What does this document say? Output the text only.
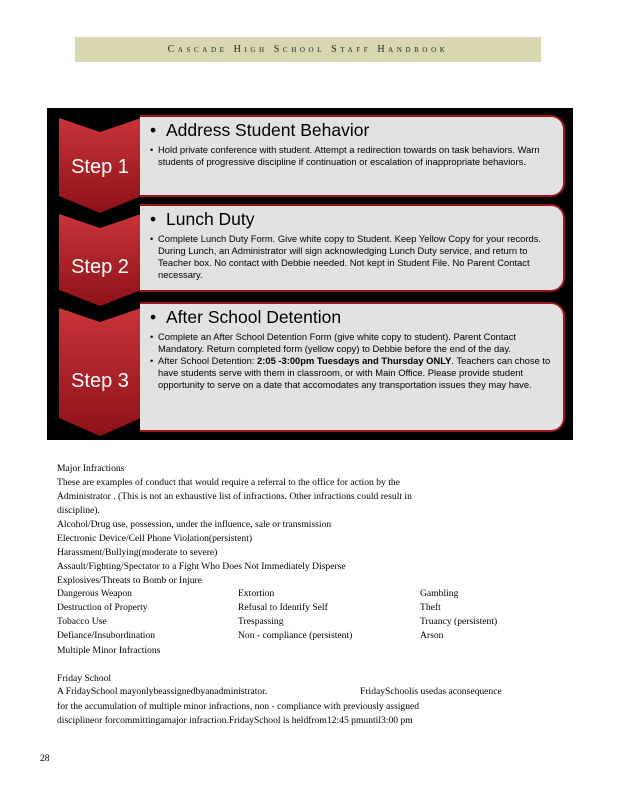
Cascade High School Staff Handbook
Step 1
• Address Student Behavior
• Hold private conference with student. Attempt a redirection towards on task behaviors. Warn students of progressive discipline if continuation or escalation of inappropriate behaviors.
Step 2
• Lunch Duty
• Complete Lunch Duty Form. Give white copy to Student. Keep Yellow Copy for your records. During Lunch, an Administrator will sign acknowledging Lunch Duty service, and return to Teacher box. No contact with Debbie needed. Not kept in Student File. No Parent Contact necessary.
Step 3
• After School Detention
• Complete an After School Detention Form (give white copy to student). Parent Contact Mandatory. Return completed form (yellow copy) to Debbie before the end of the day.
• After School Detention: 2:05 -3:00pm Tuesdays and Thursday ONLY. Teachers can chose to have students serve with them in classroom, or with Main Office. Please provide student opportunity to serve on a date that accomodates any transportation issues they may have.
Major Infractions
These are examples of conduct that would require a referral to the office for action by the
Administrator . (This is not an exhaustive list of infractions. Other infractions could result in
discipline).
Alcohol/Drug use, possession, under the influence, sale or transmission
Electronic Device/Cell Phone Violation(persistent)
Harassment/Bullying(moderate to severe)
Assault/Fighting/Spectator to a Fight Who Does Not Immediately Disperse
Explosives/Threats to Bomb or Injure
Dangerous Weapon	Extortion	Gambling
Destruction of Property	Refusal to Identify Self	Theft
Tobacco Use	Trespassing	Truancy (persistent)
Defiance/Insubordination	Non - compliance (persistent)	Arson
Multiple Minor Infractions
Friday School
A FridaySchool mayonlybeassignedbyanadministrator.	FridaySchoolis usedas aconsequence
for the accumulation of multiple minor infractions, non - compliance with previously assigned
disciplineor forcommittingamajor infraction.FridaySchool is heldfrom12:45 pmuntil3:00 pm
28
